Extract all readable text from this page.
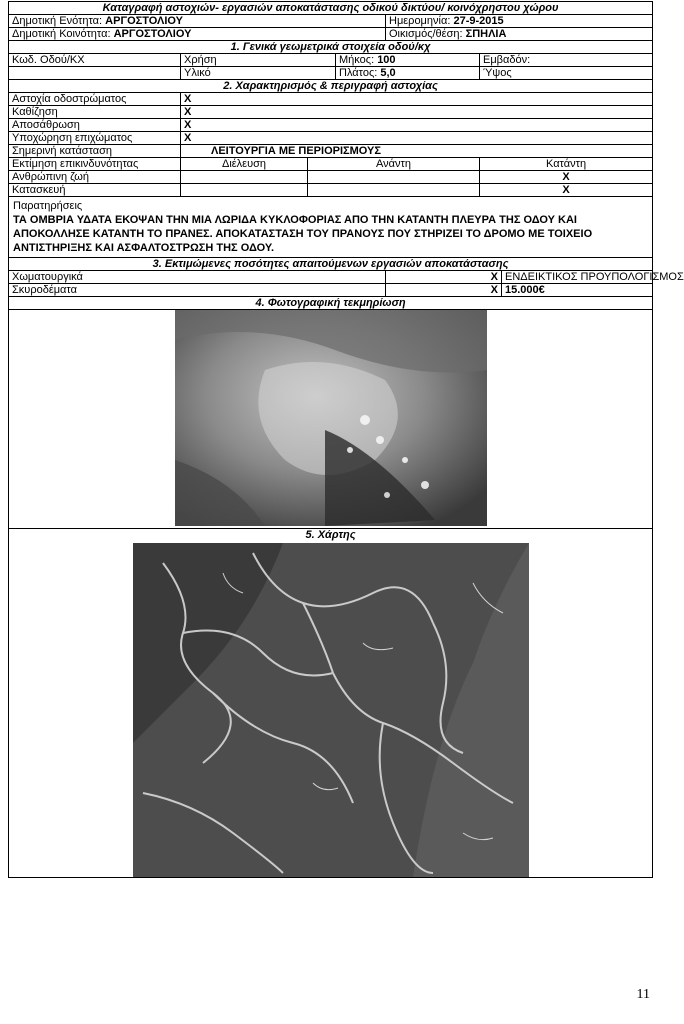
Καταγραφή αστοχιών- εργασιών αποκατάστασης οδικού δικτύου/ κοινόχρηστου χώρου						
Δημοτική Ενότητα: ΑΡΓΟΣΤΟΛΙΟΥ				Ημερομηνία: 27-9-2015		
Δημοτική Κοινότητα: ΑΡΓΟΣΤΟΛΙΟΥ				Οικισμός/θέση: ΣΠΗΛΙΑ		
1. Γενικά γεωμετρικά στοιχεία οδού/κχ						
Κωδ. Οδού/ΚΧ	Χρήση		Μήκος: 100		Εμβαδόν:	
	Υλικό		Πλάτος: 5,0		Ύψος	
2. Χαρακτηρισμός & περιγραφή αστοχίας						
Αστοχία οδοστρώματος	X					
Καθίζηση	X					
Αποσάθρωση	X					
Υποχώρηση επιχώματος	X					
Σημερινή κατάσταση	ΛΕΙΤΟΥΡΓΙΑ ΜΕ ΠΕΡΙΟΡΙΣΜΟΥΣ					
Εκτίμηση επικινδυνότητας	Διέλευση	Ανάντη			Κατάντη	
Ανθρώπινη ζωή					X	
Κατασκευή					X	

Παρατηρήσεις
ΤΑ ΟΜΒΡΙΑ ΥΔΑΤΑ ΕΚΟΨΑΝ ΤΗΝ ΜΙΑ ΛΩΡΙΔΑ ΚΥΚΛΟΦΟΡΙΑΣ ΑΠΟ ΤΗΝ ΚΑΤΑΝΤΗ ΠΛΕΥΡΑ ΤΗΣ ΟΔΟΥ ΚΑΙ ΑΠΟΚΟΛΛΗΣΕ ΚΑΤΑΝΤΗ ΤΟ ΠΡΑΝΕΣ. ΑΠΟΚΑΤΑΣΤΑΣΗ ΤΟΥ ΠΡΑΝΟΥΣ ΠΟΥ ΣΤΗΡΙΖΕΙ ΤΟ ΔΡΟΜΟ ΜΕ ΤΟΙΧΕΙΟ ΑΝΤΙΣΤΗΡΙΞΗΣ ΚΑΙ ΑΣΦΑΛΤΟΣΤΡΩΣΗ ΤΗΣ ΟΔΟΥ.						

3. Εκτιμώμενες ποσότητες απαιτούμενων εργασιών αποκατάστασης						
Χωματουργικά				X		ΕΝΔΕΙΚΤΙΚΟΣ ΠΡΟΥΠΟΛΟΓΙΣΜΟΣ
Σκυροδέματα				X		15.000€
4. Φωτογραφική τεκμηρίωση						

5. Χάρτης						
11
